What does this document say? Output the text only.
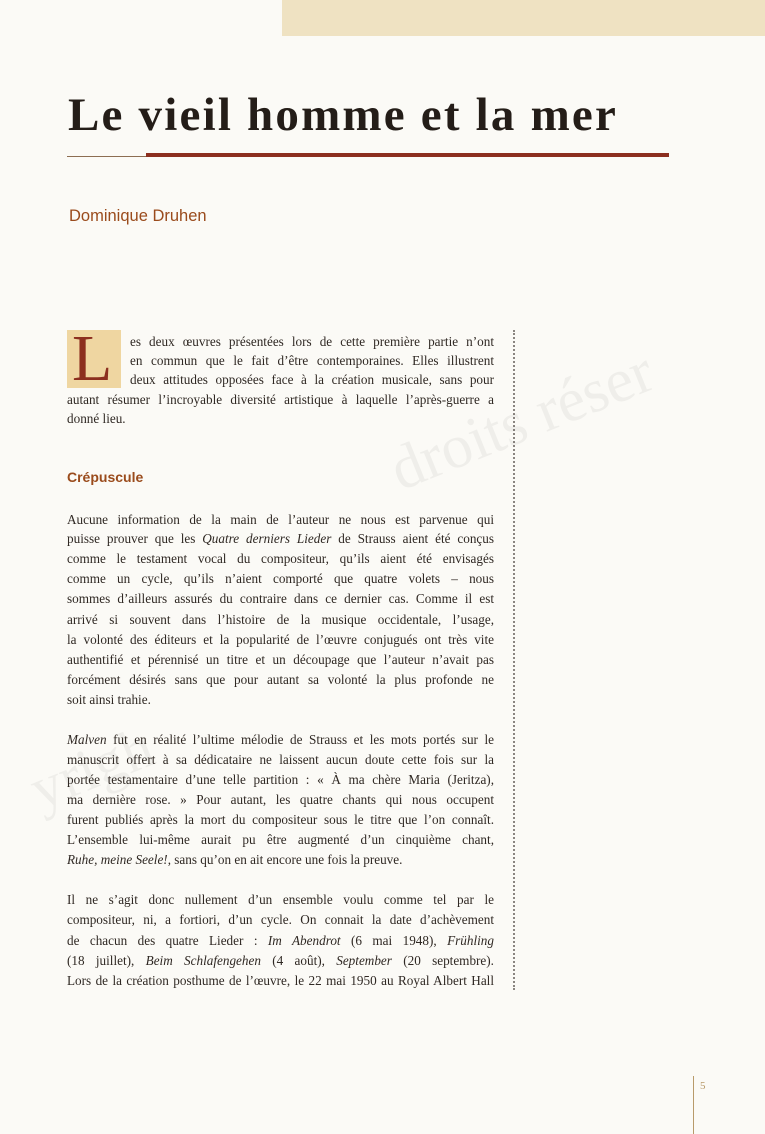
Le vieil homme et la mer
Dominique Druhen
L es deux œuvres présentées lors de cette première partie n’ont

en commun que le fait d’être contemporaines. Elles illustrent

deux attitudes opposées face à la création musicale, sans pour

autant résumer l’incroyable diversité artistique à laquelle l’après-guerre a

donné lieu.

Crépuscule

Aucune information de la main de l’auteur ne nous est parvenue qui

puisse prouver que les Quatre derniers Lieder de Strauss aient été conçus

comme le testament vocal du compositeur, qu’ils aient été envisagés

comme un cycle, qu’ils n’aient comporté que quatre volets – nous

sommes d’ailleurs assurés du contraire dans ce dernier cas. Comme il est

arrivé si souvent dans l’histoire de la musique occidentale, l’usage,

la volonté des éditeurs et la popularité de l’œuvre conjugués ont très vite

authentifié et pérennisé un titre et un découpage que l’auteur n’avait pas

forcément désirés sans que pour autant sa volonté la plus profonde ne

soit ainsi trahie.

Malven fut en réalité l’ultime mélodie de Strauss et les mots portés sur le

manuscrit offert à sa dédicataire ne laissent aucun doute cette fois sur la

portée testamentaire d’une telle partition : « À ma chère Maria (Jeritza),

ma dernière rose. » Pour autant, les quatre chants qui nous occupent

furent publiés après la mort du compositeur sous le titre que l’on connaît.

L’ensemble lui-même aurait pu être augmenté d’un cinquième chant,

Ruhe, meine Seele!, sans qu’on en ait encore une fois la preuve.

Il ne s’agit donc nullement d’un ensemble voulu comme tel par le

compositeur, ni, a fortiori, d’un cycle. On connait la date d’achèvement

de chacun des quatre Lieder : Im Abendrot (6 mai 1948), Frühling

(18 juillet), Beim Schlafengehen (4 août), September (20 septembre).

Lors de la création posthume de l’œuvre, le 22 mai 1950 au Royal Albert Hall

5
